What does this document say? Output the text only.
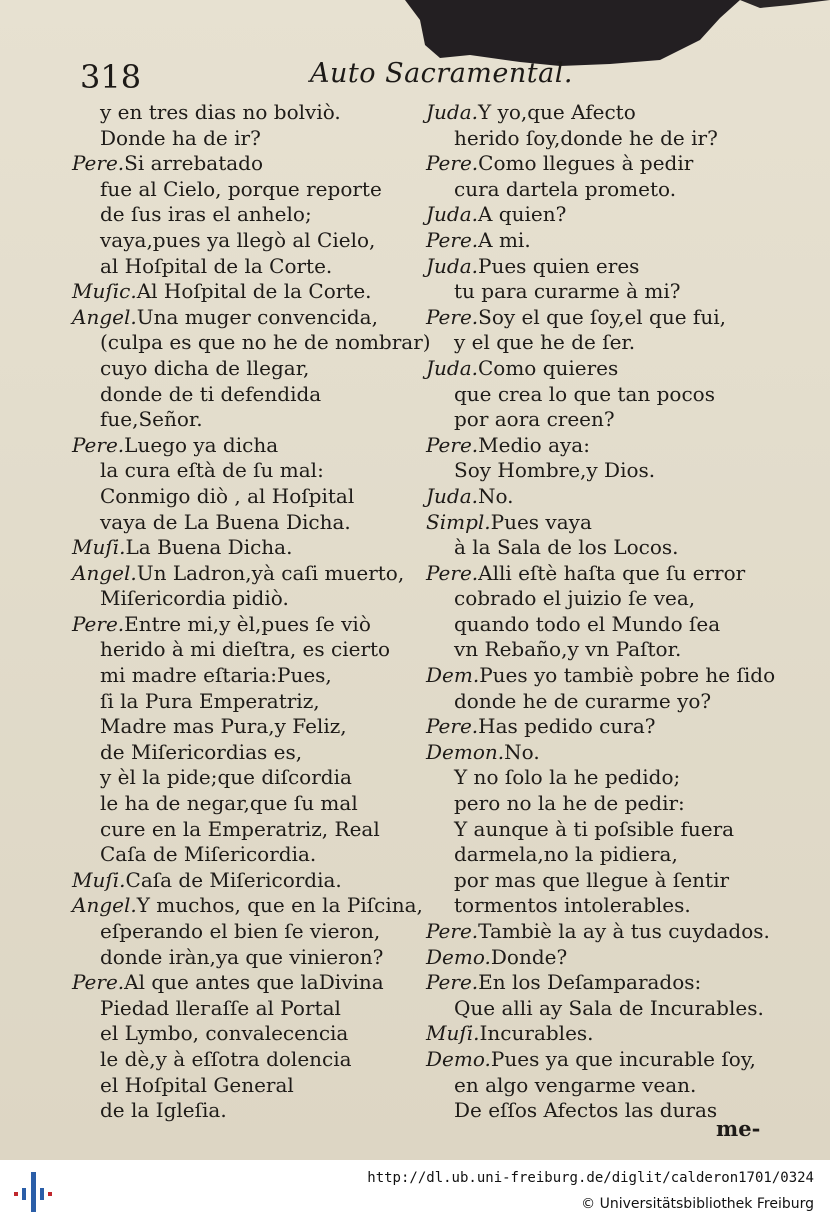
318	Auto Sacramental.
y en tres dias no bolviò.
Donde ha de ir?
Pere.Si arrebatado
fue al Cielo, porque reporte
de ſus iras el anhelo;
vaya,pues ya llegò al Cielo,
al Hoſpital de la Corte.
Muſic.Al Hoſpital de la Corte.
Angel.Una muger convencida,
(culpa es que no he de nombrar)
cuyo dicha de llegar,
donde de ti defendida
fue,Señor.
Pere.Luego ya dicha
la cura eſtà de ſu mal:
Conmigo diò , al Hoſpital
vaya de La Buena Dicha.
Muſi.La Buena Dicha.
Angel.Un Ladron,yà caſi muerto,
Miſericordia pidiò.
Pere.Entre mi,y èl,pues ſe viò
herido à mi dieſtra, es cierto
mi madre eſtaria:Pues,
ſi la Pura Emperatriz,
Madre mas Pura,y Feliz,
de Miſericordias es,
y èl la pide;que diſcordia
le ha de negar,que ſu mal
cure en la Emperatriz, Real
Caſa de Miſericordia.
Muſi.Caſa de Miſericordia.
Angel.Y muchos, que en la Piſcina,
eſperando el bien ſe vieron,
donde iràn,ya que vinieron?
Pere.Al que antes que laDivina
Piedad lleгaſſe al Portal
el Lymbo, convalecencia
le dè,y à eſſotra dolencia
el Hoſpital General
de la Igleſia.
Juda.Y yo,que Afecto
herido ſoy,donde he de ir?
Pere.Como llegues à pedir
cura dartela prometo.
Juda.A quien?
Pere.A mi.
Juda.Pues quien eres
tu para curarme à mi?
Pere.Soy el que ſoy,el que fui,
y el que he de ſer.
Juda.Como quieres
que crea lo que tan pocos
por aora creen?
Pere.Medio aya:
Soy Hombre,y Dios.
Juda.No.
Simpl.Pues vaya
à la Sala de los Locos.
Pere.Alli eſtè haſta que ſu error
cobrado el juizio ſe vea,
quando todo el Mundo ſea
vn Rebaño,y vn Paſtor.
Dem.Pues yo tambiè pobre he ſido
donde he de curarme yo?
Pere.Has pedido cura?
Demon.No.
Y no ſolo la he pedido;
pero no la he de pedir:
Y aunque à ti poſsible fuera
darmela,no la pidiera,
por mas que llegue à ſentir
tormentos intolerables.
Pere.Tambiè la ay à tus cuydados.
Demo.Donde?
Pere.En los Deſamparados:
Que alli ay Sala de Incurables.
Muſi.Incurables.
Demo.Pues ya que incurable ſoy,
en algo vengarme vean.
De eſſos Afectos las duras
me-
http://dl.ub.uni-freiburg.de/diglit/calderon1701/0324
© Universitätsbibliothek Freiburg
